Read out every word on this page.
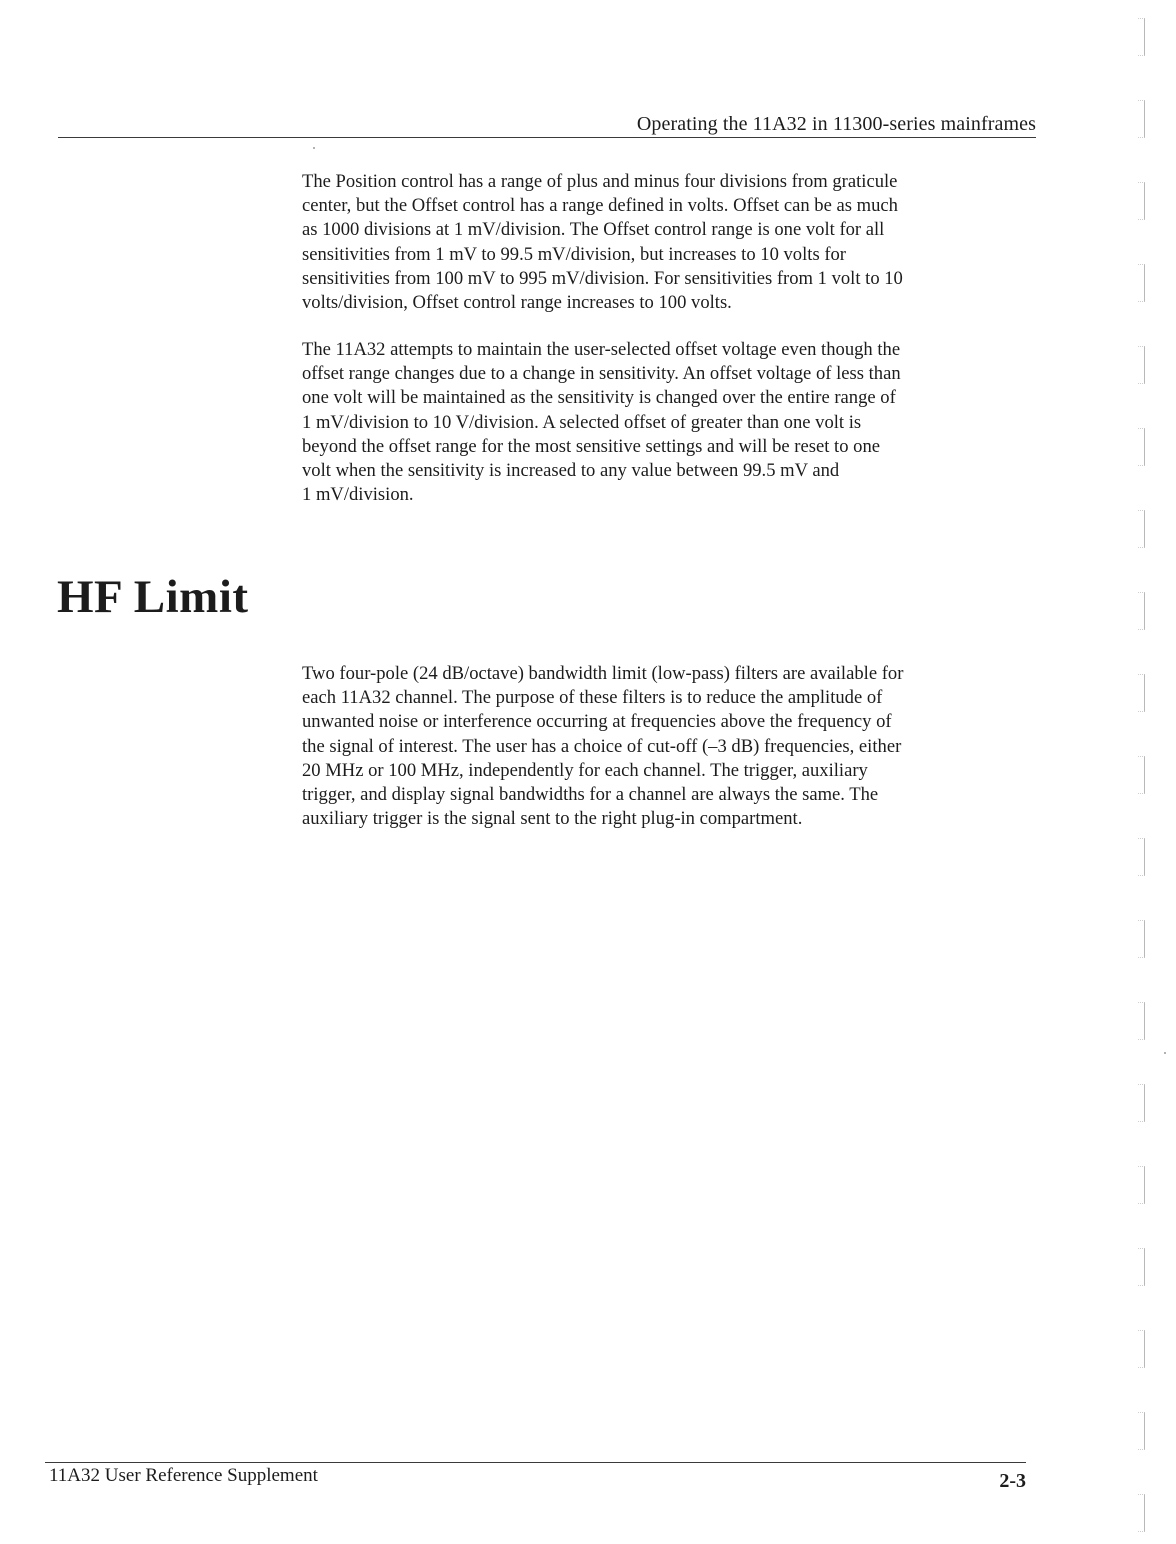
Operating the 11A32 in 11300-series mainframes
The Position control has a range of plus and minus four divisions from graticule
center, but the Offset control has a range defined in volts. Offset can be as much
as 1000 divisions at 1 mV/division. The Offset control range is one volt for all
sensitivities from 1 mV to 99.5 mV/division, but increases to 10 volts for
sensitivities from 100 mV to 995 mV/division. For sensitivities from 1 volt to 10
volts/division, Offset control range increases to 100 volts.
The 11A32 attempts to maintain the user-selected offset voltage even though the
offset range changes due to a change in sensitivity. An offset voltage of less than
one volt will be maintained as the sensitivity is changed over the entire range of
1 mV/division to 10 V/division. A selected offset of greater than one volt is
beyond the offset range for the most sensitive settings and will be reset to one
volt when the sensitivity is increased to any value between 99.5 mV and
1 mV/division.
HF Limit
Two four-pole (24 dB/octave) bandwidth limit (low-pass) filters are available for
each 11A32 channel. The purpose of these filters is to reduce the amplitude of
unwanted noise or interference occurring at frequencies above the frequency of
the signal of interest. The user has a choice of cut-off (–3 dB) frequencies, either
20 MHz or 100 MHz, independently for each channel. The trigger, auxiliary
trigger, and display signal bandwidths for a channel are always the same. The
auxiliary trigger is the signal sent to the right plug-in compartment.
11A32 User Reference Supplement	2-3
